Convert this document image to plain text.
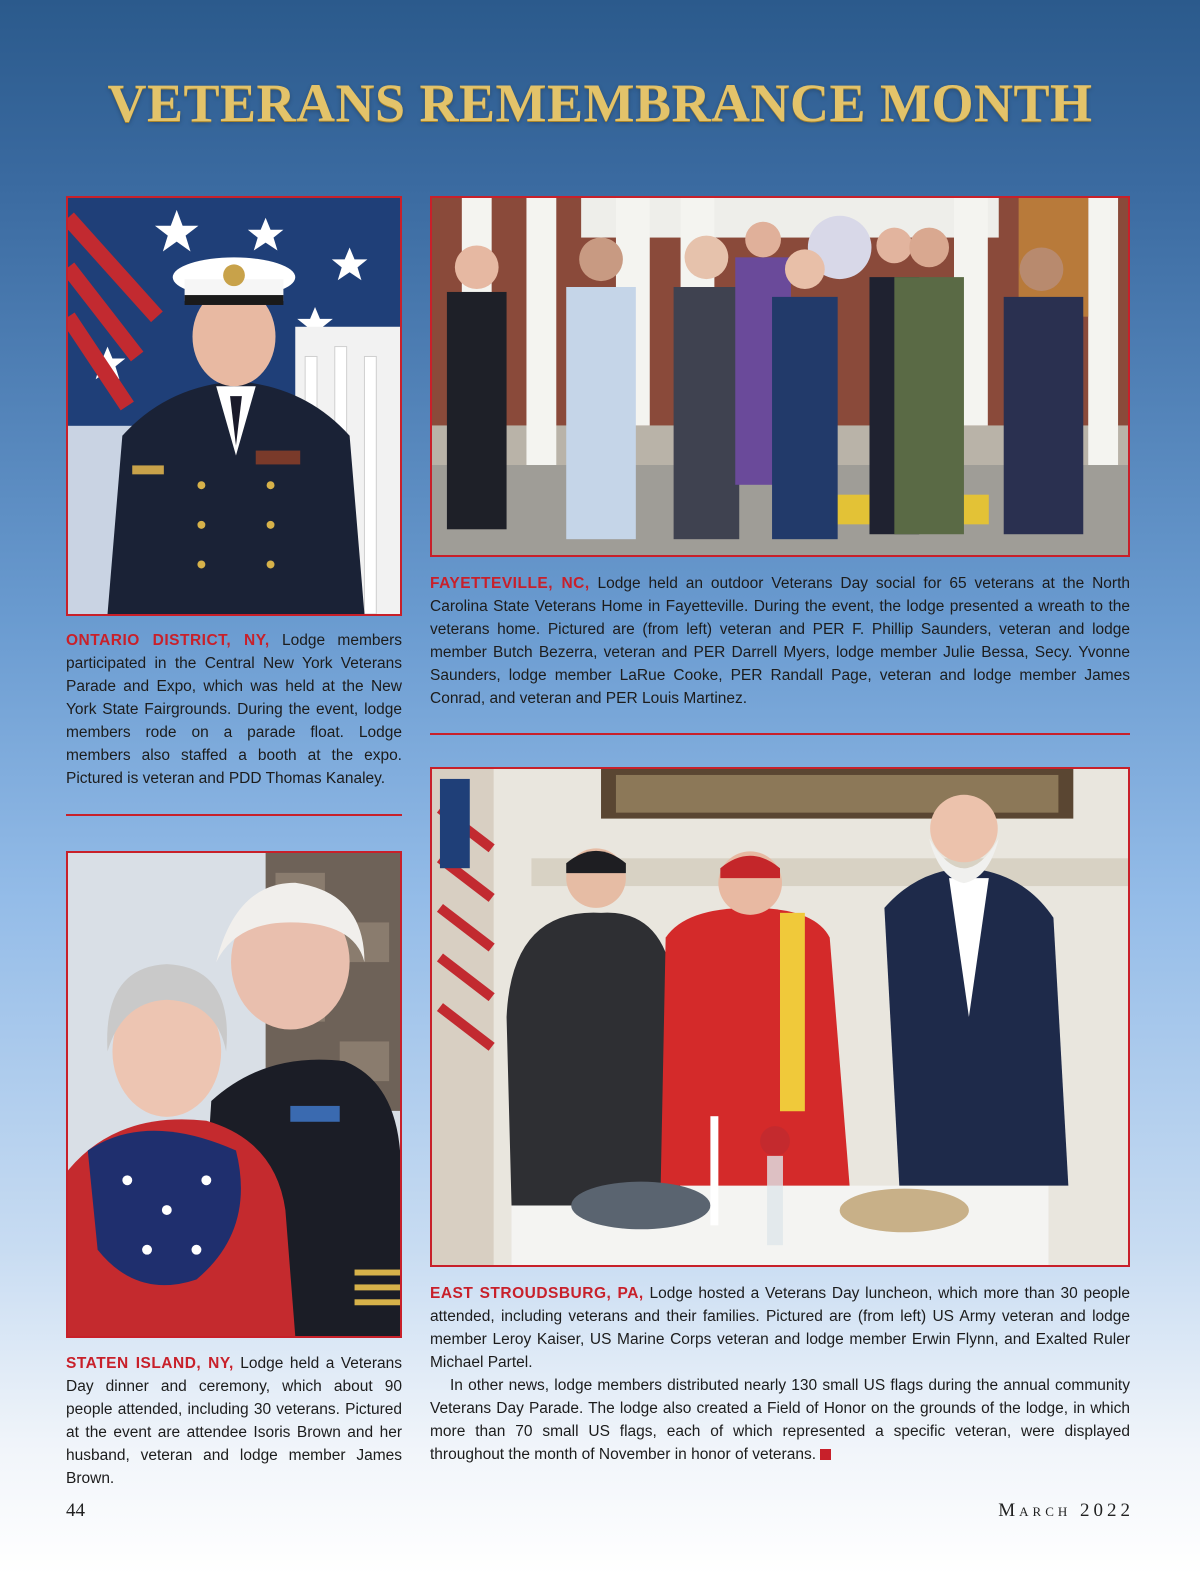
VETERANS REMEMBRANCE MONTH

ONTARIO DISTRICT, NY, Lodge members participated in the Central New York Veterans Parade and Expo, which was held at the New York State Fairgrounds. During the event, lodge members rode on a parade float. Lodge members also staffed a booth at the expo. Pictured is veteran and PDD Thomas Kanaley.

FAYETTEVILLE, NC, Lodge held an outdoor Veterans Day social for 65 veterans at the North Carolina State Veterans Home in Fayetteville. During the event, the lodge presented a wreath to the veterans home. Pictured are (from left) veteran and PER F. Phillip Saunders, veteran and lodge member Butch Bezerra, veteran and PER Darrell Myers, lodge member Julie Bessa, Secy. Yvonne Saunders, lodge member LaRue Cooke, PER Randall Page, veteran and lodge member James Conrad, and veteran and PER Louis Martinez.

STATEN ISLAND, NY, Lodge held a Veterans Day dinner and ceremony, which about 90 people attended, including 30 veterans. Pictured at the event are attendee Isoris Brown and her husband, veteran and lodge member James Brown.

EAST STROUDSBURG, PA, Lodge hosted a Veterans Day luncheon, which more than 30 people attended, including veterans and their families. Pictured are (from left) US Army veteran and lodge member Leroy Kaiser, US Marine Corps veteran and lodge member Erwin Flynn, and Exalted Ruler Michael Partel.

In other news, lodge members distributed nearly 130 small US flags during the annual community Veterans Day Parade. The lodge also created a Field of Honor on the grounds of the lodge, in which more than 70 small US flags, each of which represented a specific veteran, were displayed throughout the month of November in honor of veterans.

44	March 2022
